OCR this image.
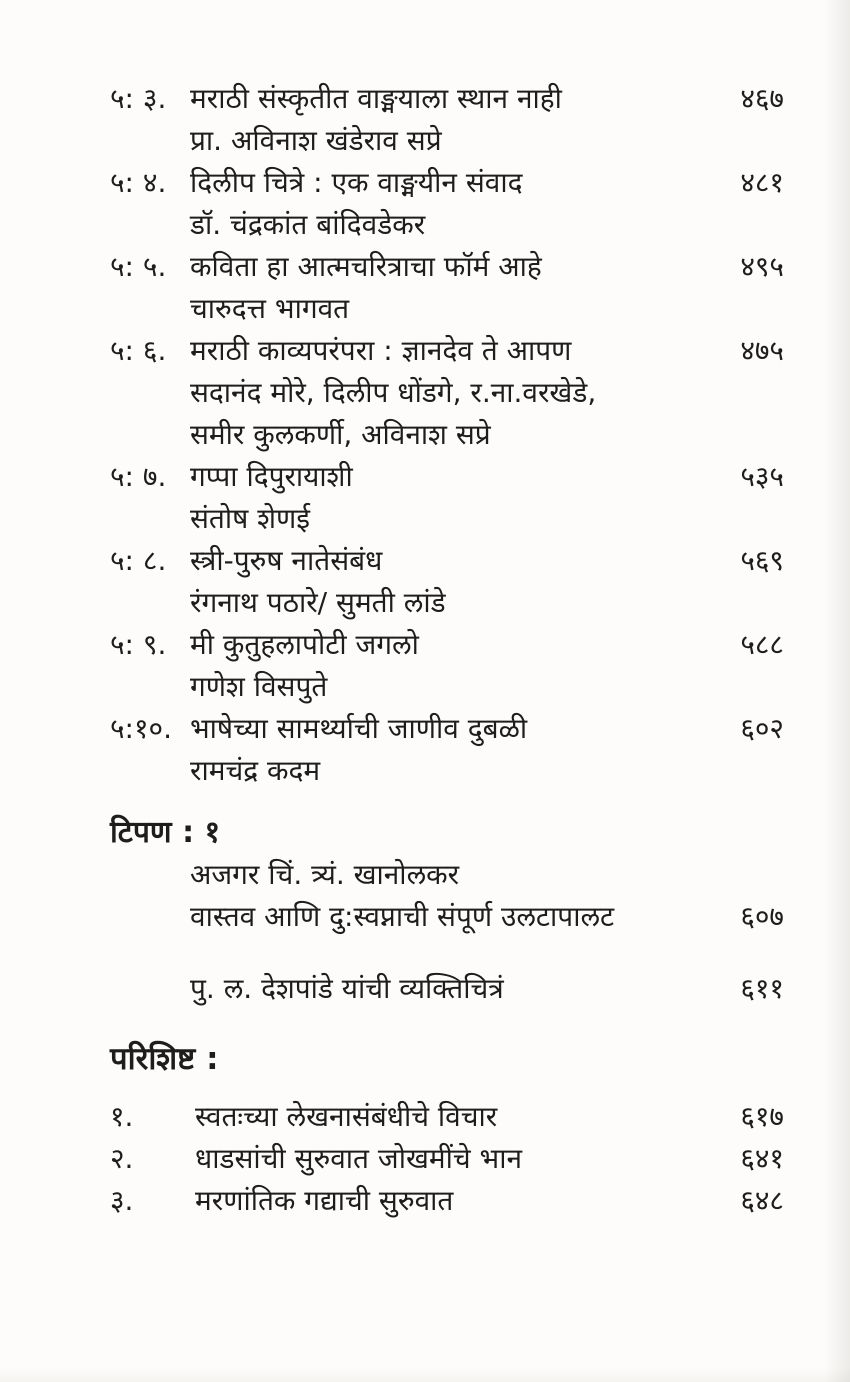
५: ३. मराठी संस्कृतीत वाङ्मयाला स्थान नाही	४६७
प्रा. अविनाश खंडेराव सप्रे
५: ४. दिलीप चित्रे : एक वाङ्मयीन संवाद	४८१
डॉ. चंद्रकांत बांदिवडेकर
५: ५. कविता हा आत्मचरित्राचा फॉर्म आहे	४९५
चारुदत्त भागवत
५: ६. मराठी काव्यपरंपरा : ज्ञानदेव ते आपण	४७५
सदानंद मोरे, दिलीप धोंडगे, र.ना.वरखेडे,
समीर कुलकर्णी, अविनाश सप्रे
५: ७. गप्पा दिपुरायाशी	५३५
संतोष शेणई
५: ८. स्त्री-पुरुष नातेसंबंध	५६९
रंगनाथ पठारे/ सुमती लांडे
५: ९. मी कुतुहलापोटी जगलो	५८८
गणेश विसपुते
५:१०. भाषेच्या सामर्थ्याची जाणीव दुबळी	६०२
रामचंद्र कदम
टिपण : १
अजगर चिं. त्र्यं. खानोलकर
वास्तव आणि दु:स्वप्नाची संपूर्ण उलटापालट	६०७
पु. ल. देशपांडे यांची व्यक्तिचित्रं	६११
परिशिष्ट :
१.	स्वतःच्या लेखनासंबंधीचे विचार	६१७
२.	धाडसांची सुरुवात जोखमींचे भान	६४१
३.	मरणांतिक गद्याची सुरुवात	६४८
